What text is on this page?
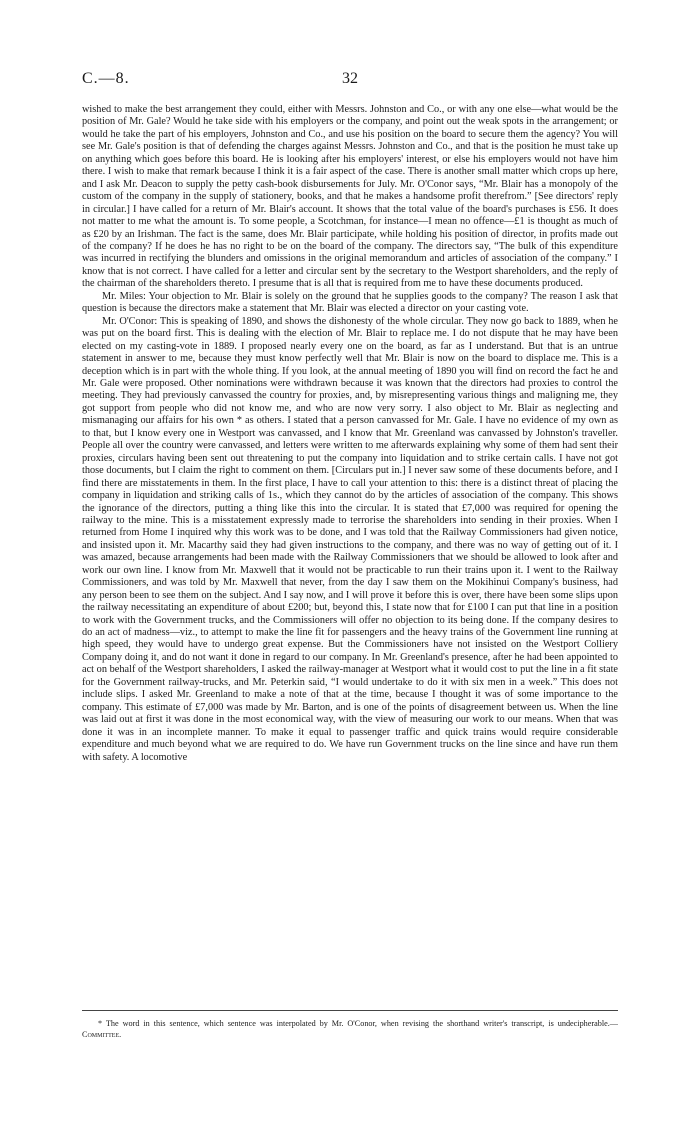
C.—8.	32

wished to make the best arrangement they could, either with Messrs. Johnston and Co., or with any one else—what would be the position of Mr. Gale? Would he take side with his employers or the company, and point out the weak spots in the arrangement; or would he take the part of his employers, Johnston and Co., and use his position on the board to secure them the agency? You will see Mr. Gale's position is that of defending the charges against Messrs. Johnston and Co., and that is the position he must take up on anything which goes before this board. He is looking after his employers' interest, or else his employers would not have him there. I wish to make that remark because I think it is a fair aspect of the case. There is another small matter which crops up here, and I ask Mr. Deacon to supply the petty cash-book disbursements for July. Mr. O'Conor says, “Mr. Blair has a monopoly of the custom of the company in the supply of stationery, books, and that he makes a handsome profit therefrom.” [See directors' reply in circular.] I have called for a return of Mr. Blair's account. It shows that the total value of the board's purchases is £56. It does not matter to me what the amount is. To some people, a Scotchman, for instance—I mean no offence—£1 is thought as much of as £20 by an Irishman. The fact is the same, does Mr. Blair participate, while holding his position of director, in profits made out of the company? If he does he has no right to be on the board of the company. The directors say, “The bulk of this expenditure was incurred in rectifying the blunders and omissions in the original memorandum and articles of association of the company.” I know that is not correct. I have called for a letter and circular sent by the secretary to the Westport shareholders, and the reply of the chairman of the shareholders thereto. I presume that is all that is required from me to have these documents produced.

Mr. Miles: Your objection to Mr. Blair is solely on the ground that he supplies goods to the company? The reason I ask that question is because the directors make a statement that Mr. Blair was elected a director on your casting vote.

Mr. O'Conor: This is speaking of 1890, and shows the dishonesty of the whole circular. They now go back to 1889, when he was put on the board first. This is dealing with the election of Mr. Blair to replace me. I do not dispute that he may have been elected on my casting-vote in 1889. I proposed nearly every one on the board, as far as I understand. But that is an untrue statement in answer to me, because they must know perfectly well that Mr. Blair is now on the board to displace me. This is a deception which is in part with the whole thing. If you look, at the annual meeting of 1890 you will find on record the fact he and Mr. Gale were proposed. Other nominations were withdrawn because it was known that the directors had proxies to control the meeting. They had previously canvassed the country for proxies, and, by misrepresenting various things and maligning me, they got support from people who did not know me, and who are now very sorry. I also object to Mr. Blair as neglecting and mismanaging our affairs for his own * as others. I stated that a person canvassed for Mr. Gale. I have no evidence of my own as to that, but I know every one in Westport was canvassed, and I know that Mr. Greenland was canvassed by Johnston's traveller. People all over the country were canvassed, and letters were written to me afterwards explaining why some of them had sent their proxies, circulars having been sent out threatening to put the company into liquidation and to strike certain calls. I have not got those documents, but I claim the right to comment on them. [Circulars put in.] I never saw some of these documents before, and I find there are misstatements in them. In the first place, I have to call your attention to this: there is a distinct threat of placing the company in liquidation and striking calls of 1s., which they cannot do by the articles of association of the company. This shows the ignorance of the directors, putting a thing like this into the circular. It is stated that £7,000 was required for opening the railway to the mine. This is a misstatement expressly made to terrorise the shareholders into sending in their proxies. When I returned from Home I inquired why this work was to be done, and I was told that the Railway Commissioners had given notice, and insisted upon it. Mr. Macarthy said they had given instructions to the company, and there was no way of getting out of it. I was amazed, because arrangements had been made with the Railway Commissioners that we should be allowed to look after and work our own line. I know from Mr. Maxwell that it would not be practicable to run their trains upon it. I went to the Railway Commissioners, and was told by Mr. Maxwell that never, from the day I saw them on the Mokihinui Company's business, had any person been to see them on the subject. And I say now, and I will prove it before this is over, there have been some slips upon the railway necessitating an expenditure of about £200; but, beyond this, I state now that for £100 I can put that line in a position to work with the Government trucks, and the Commissioners will offer no objection to its being done. If the company desires to do an act of madness—viz., to attempt to make the line fit for passengers and the heavy trains of the Government line running at high speed, they would have to undergo great expense. But the Commissioners have not insisted on the Westport Colliery Company doing it, and do not want it done in regard to our company. In Mr. Greenland's presence, after he had been appointed to act on behalf of the Westport shareholders, I asked the railway-manager at Westport what it would cost to put the line in a fit state for the Government railway-trucks, and Mr. Peterkin said, “I would undertake to do it with six men in a week.” This does not include slips. I asked Mr. Greenland to make a note of that at the time, because I thought it was of some importance to the company. This estimate of £7,000 was made by Mr. Barton, and is one of the points of disagreement between us. When the line was laid out at first it was done in the most economical way, with the view of measuring our work to our means. When that was done it was in an incomplete manner. To make it equal to passenger traffic and quick trains would require considerable expenditure and much beyond what we are required to do. We have run Government trucks on the line since and have run them with safety. A locomotive

* The word in this sentence, which sentence was interpolated by Mr. O'Conor, when revising the shorthand writer's transcript, is undecipherable.—Committee.
